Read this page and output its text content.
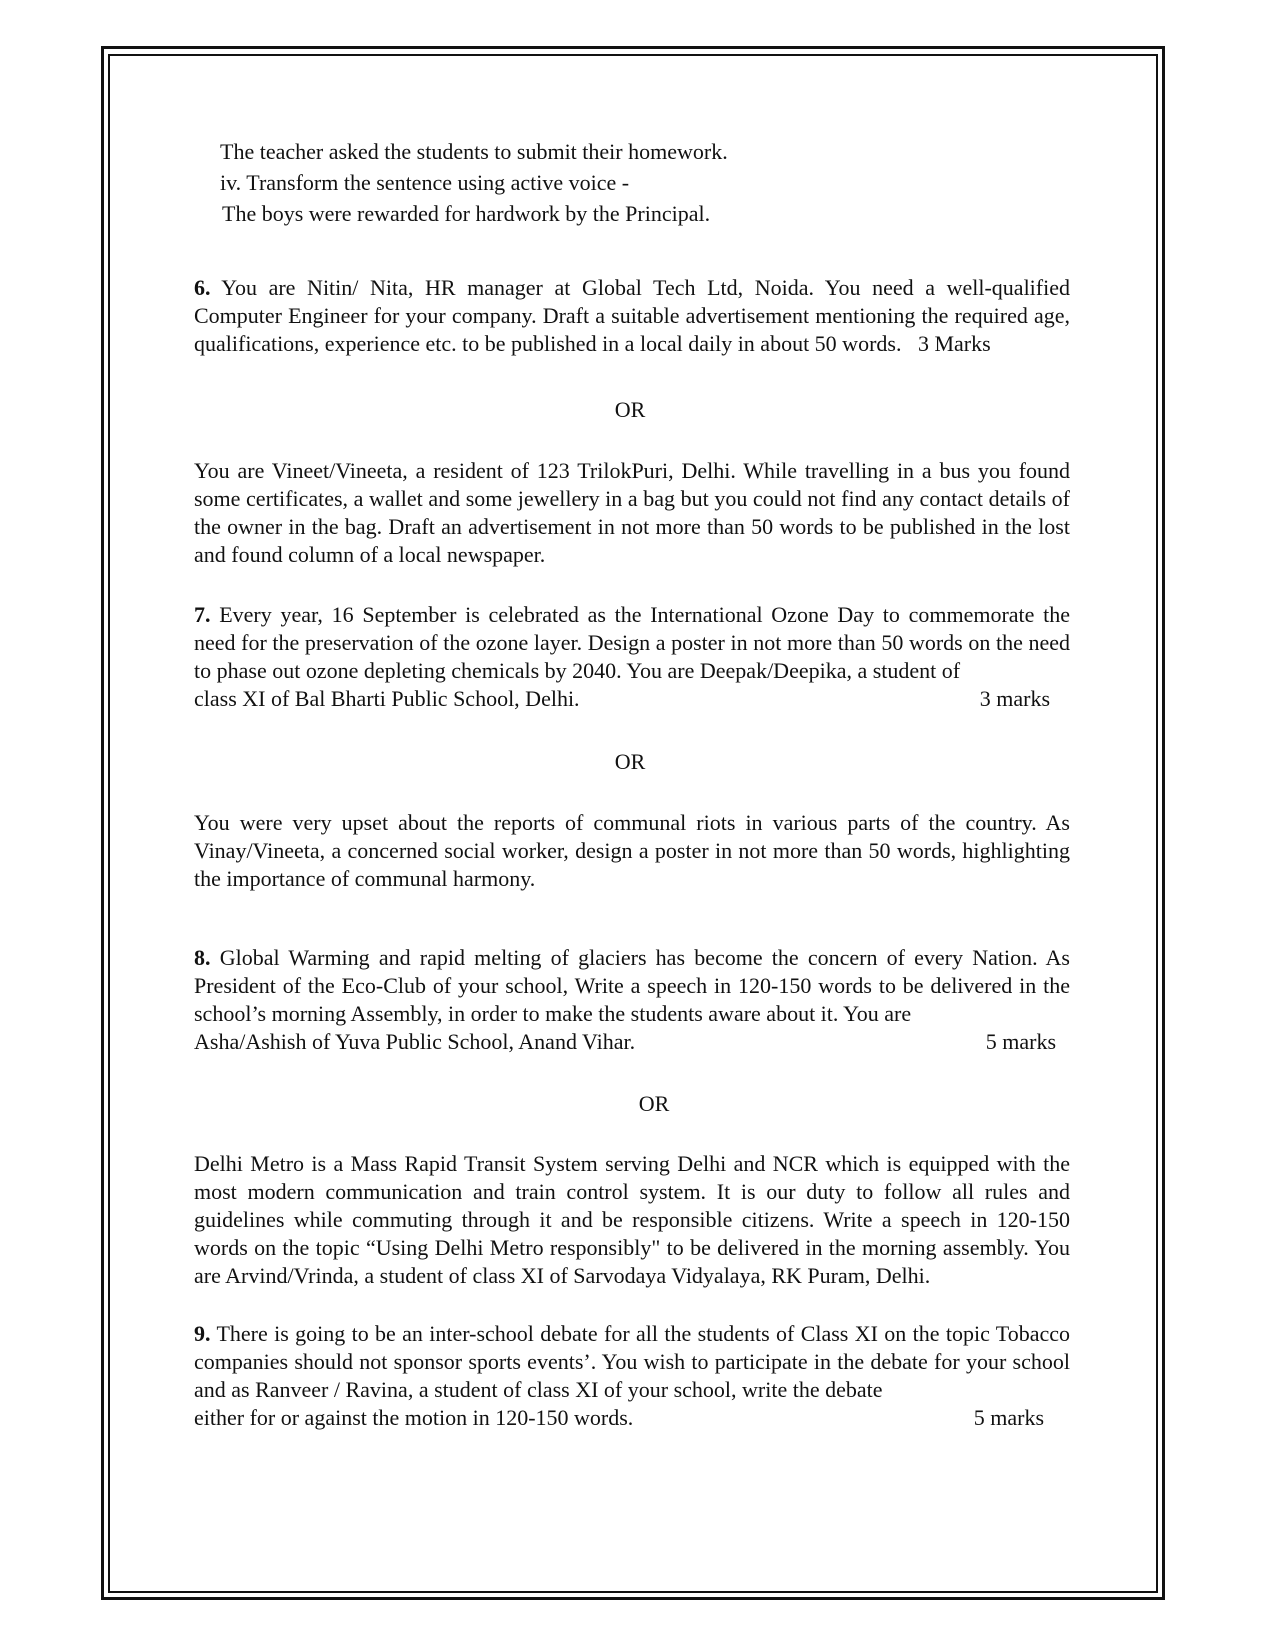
The teacher asked the students to submit their homework.
iv. Transform the sentence using active voice -
The boys were rewarded for hardwork by the Principal.
6. You are Nitin/ Nita, HR manager at Global Tech Ltd, Noida. You need a well-qualified Computer Engineer for your company. Draft a suitable advertisement mentioning the required age, qualifications, experience etc. to be published in a local daily in about 50 words. 3 Marks
OR
You are Vineet/Vineeta, a resident of 123 TrilokPuri, Delhi. While travelling in a bus you found some certificates, a wallet and some jewellery in a bag but you could not find any contact details of the owner in the bag. Draft an advertisement in not more than 50 words to be published in the lost and found column of a local newspaper.
7. Every year, 16 September is celebrated as the International Ozone Day to commemorate the need for the preservation of the ozone layer. Design a poster in not more than 50 words on the need to phase out ozone depleting chemicals by 2040. You are Deepak/Deepika, a student of
class XI of Bal Bharti Public School, Delhi.	3 marks
OR
You were very upset about the reports of communal riots in various parts of the country. As Vinay/Vineeta, a concerned social worker, design a poster in not more than 50 words, highlighting the importance of communal harmony.
8. Global Warming and rapid melting of glaciers has become the concern of every Nation. As President of the Eco-Club of your school, Write a speech in 120-150 words to be delivered in the school’s morning Assembly, in order to make the students aware about it. You are
Asha/Ashish of Yuva Public School, Anand Vihar.	5 marks
OR
Delhi Metro is a Mass Rapid Transit System serving Delhi and NCR which is equipped with the most modern communication and train control system. It is our duty to follow all rules and guidelines while commuting through it and be responsible citizens. Write a speech in 120-150 words on the topic “Using Delhi Metro responsibly" to be delivered in the morning assembly. You are Arvind/Vrinda, a student of class XI of Sarvodaya Vidyalaya, RK Puram, Delhi.
9. There is going to be an inter-school debate for all the students of Class XI on the topic Tobacco companies should not sponsor sports events’. You wish to participate in the debate for your school and as Ranveer / Ravina, a student of class XI of your school, write the debate
either for or against the motion in 120-150 words.	5 marks
